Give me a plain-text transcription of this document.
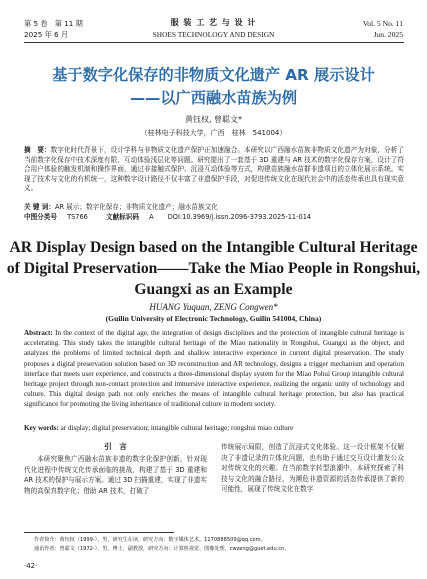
第 5 卷　第 11 期
2025 年 6 月
服 装 工 艺 与 设 计
SHOES TECHNOLOGY AND DESIGN
Vol. 5 No. 11
Jun. 2025
基于数字化保存的非物质文化遗产 AR 展示设计
——以广西融水苗族为例
黄钰权, 曾聪文*
（桂林电子科技大学，广西　桂林　541004）
摘　要：数字化时代背景下，设计学科与非物质文化遗产保护正加速融合。本研究以广西融水苗族非物质文化遗产为对象，分析了当前数字化保存中技术深度有限、互动体验浅层化等问题。研究提出了一套基于 3D 重建与 AR 技术的数字化保存方案，设计了符合用户体验的触发机制和操作界面，通过非接触式保护、沉浸互动体验等方式，构建苗族融水苗群非遗项目的立体化展示系统。实现了技术与文化的有机统一，这种数字设计路径不仅丰富了非遗保护手段，对促进传统文化在现代社会中的活态传承也具有现实意义。
关 键 词：AR 展示；数字化保存；非物质文化遗产；融水苗族文化
中图分类号 TS766	文献标识码 A DOI:10.3969/j.issn.2096-3793.2025-11-014
AR Display Design based on the Intangible Cultural Heritage
of Digital Preservation——Take the Miao People in Rongshui,
Guangxi as an Example
HUANG Yuquan, ZENG Congwen*
(Guilin University of Electronic Technology, Guilin 541004, China)
Abstract: In the context of the digital age, the integration of design disciplines and the protection of intangible cultural heritage is accelerating. This study takes the intangible cultural heritage of the Miao nationality in Rongshui, Guangxi as the object, and analyzes the problems of limited technical depth and shallow interactive experience in current digital preservation. The study proposes a digital preservation solution based on 3D reconstruction and AR technology, designs a trigger mechanism and operation interface that meets user experience, and constructs a three-dimensional display system for the Miao Pohui Group intangible cultural heritage project through non-contact protection and immersive interactive experience, realizing the organic unity of technology and culture. This digital design path not only enriches the means of intangible cultural heritage protection, but also has practical significance for promoting the living inheritance of traditional culture in modern society.
Key words: ar display; digital preservation; intangible cultural heritage; rongshui miao culture
引　言
本研究聚焦广西融水苗族非遗的数字化保护创新，针对现代化进程中传统文化传承面临的挑战，构建了基于 3D 重建和 AR 技术的保护与展示方案。通过 3D 扫描重建，实现了非遗实物的高保真数字化；借助 AR 技术，打破了
传统展示局限，创造了沉浸式文化体验。这一设计框架不仅解决了非遗记录的立体化问题，也有助于通过交互设计激发公众对传统文化的兴趣。在当前数字转型浪潮中，本研究探索了科技与文化的融合路径，为濒危非遗资源的活态传承提供了新的可能性，展现了传统文化在数字
作者简介：黄钰权（1999-），男，研究生在读，研究方向：数字媒体艺术，1170888509@qq.com。
通讯作者：曾聪文（1972-），男，博士，副教授，研究方向：计算机视觉、图像处理，cwzeng@guet.edu.cn。
·42·
